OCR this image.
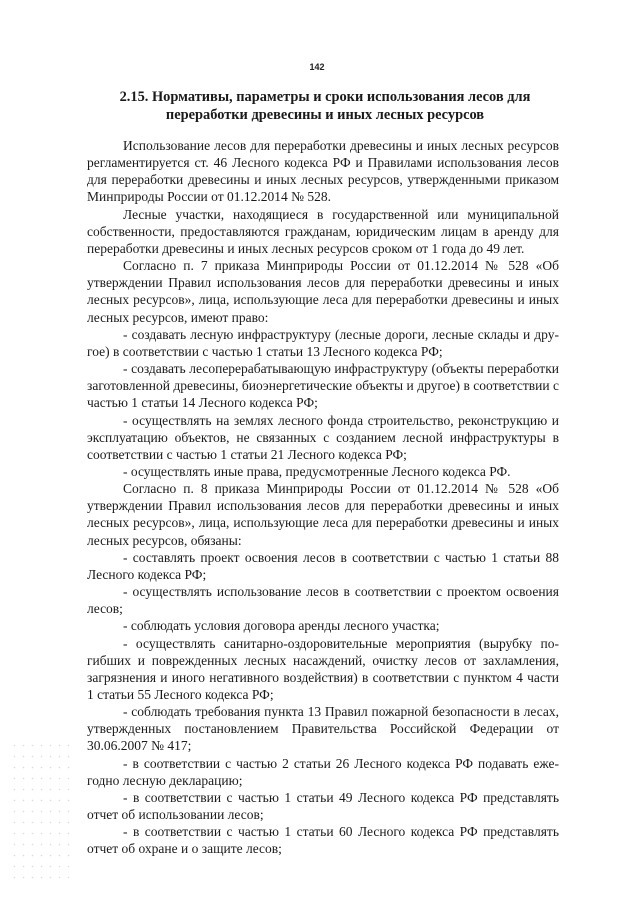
142
2.15. Нормативы, параметры и сроки использования лесов для
переработки древесины и иных лесных ресурсов

Использование лесов для переработки древесины и иных лесных ресурсов регламентируется ст. 46 Лесного кодекса РФ и Правилами использования лесов для переработки древесины и иных лесных ресурсов, утвержденными приказом Минприроды России от 01.12.2014 № 528.

Лесные участки, находящиеся в государственной или муниципальной собственности, предоставляются гражданам, юридическим лицам в аренду для переработки древесины и иных лесных ресурсов сроком от 1 года до 49 лет.

Согласно п. 7 приказа Минприроды России от 01.12.2014 № 528 «Об утверждении Правил использования лесов для переработки древесины и иных лесных ресурсов», лица, использующие леса для переработки древесины и иных лесных ресурсов, имеют право:

- создавать лесную инфраструктуру (лесные дороги, лесные склады и другое) в соответствии с частью 1 статьи 13 Лесного кодекса РФ;

- создавать лесоперерабатывающую инфраструктуру (объекты переработки заготовленной древесины, биоэнергетические объекты и другое) в соответствии с частью 1 статьи 14 Лесного кодекса РФ;

- осуществлять на землях лесного фонда строительство, реконструкцию и эксплуатацию объектов, не связанных с созданием лесной инфраструктуры в соответствии с частью 1 статьи 21 Лесного кодекса РФ;

- осуществлять иные права, предусмотренные Лесного кодекса РФ.

Согласно п. 8 приказа Минприроды России от 01.12.2014 № 528 «Об утверждении Правил использования лесов для переработки древесины и иных лесных ресурсов», лица, использующие леса для переработки древесины и иных лесных ресурсов, обязаны:

- составлять проект освоения лесов в соответствии с частью 1 статьи 88 Лесного кодекса РФ;

- осуществлять использование лесов в соответствии с проектом освоения лесов;

- соблюдать условия договора аренды лесного участка;

- осуществлять санитарно-оздоровительные мероприятия (вырубку погибших и поврежденных лесных насаждений, очистку лесов от захламления, загрязнения и иного негативного воздействия) в соответствии с пунктом 4 части 1 статьи 55 Лесного кодекса РФ;

- соблюдать требования пункта 13 Правил пожарной безопасности в лесах, утвержденных постановлением Правительства Российской Федерации от 30.06.2007 № 417;

- в соответствии с частью 2 статьи 26 Лесного кодекса РФ подавать ежегодно лесную декларацию;

- в соответствии с частью 1 статьи 49 Лесного кодекса РФ представлять отчет об использовании лесов;

- в соответствии с частью 1 статьи 60 Лесного кодекса РФ представлять отчет об охране и о защите лесов;
